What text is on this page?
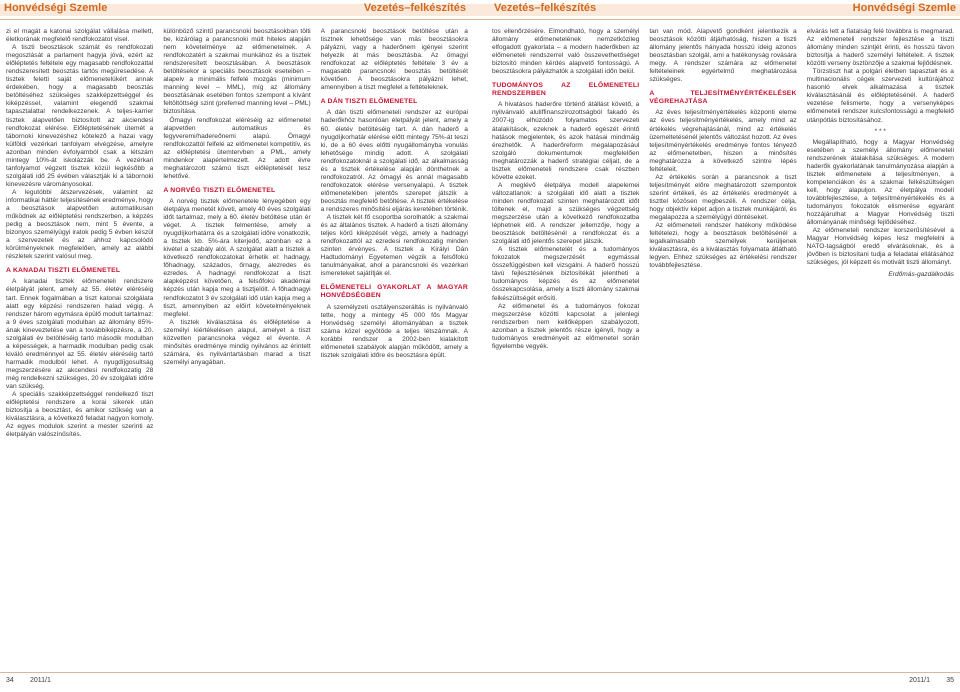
Honvédségi Szemle	Vezetés–felkészítés

zi el magát a katonai szolgálat vállalása mellett, életkorának megfelelő rendfokozatot visel.

A tiszti beosztások számát és rendfokozati megoszlását a parlament hagyja jóvá, ezért az előléptetés feltétele egy magasabb rendfokozattal rendszeresített beosztás tartós megüresedése. A tisztek feletti saját előmenetelükért annak érdekében, hogy a magasabb beosztás betöltéséhez szükséges szakképzettséggel és kiképzéssel, valamint elegendő szakmai tapasztalattal rendelkezzenek. A teljes-karrier tisztek alapvetően biztosított az akciendesi rendfokozat elérése. Előléptetésének ütemét a tábornoki kinevezéshez kötelező a hazai vagy külföldi vezérkari tanfolyam elvégzése, amelyre azonban minden évfolyamból csak a létszám mintegy 10%-át iskolázzák be. A vezérkari tanfolyamot végzett tisztek közül legkésőbb a szolgálati idő 25 évében választják ki a tábornoki kinevezésre várományosokat.

A legutóbbi átszervezések, valamint az informatikai háttér teljesítésének eredménye, hogy a beosztások alapvetően automatikusan működnek az előléptetési rendszerben, a képzés pedig a beosztások nem, mint 5 évente, a bizonyos személyügyi iratok pedig 5 évben készül a szervezetek és az ahhoz kapcsolódó körülményeknek megfelelően, amely az alábbi részletek szerint valósul meg.

A KANADAI TISZTI ELŐMENETEL

A kanadai tisztek előmeneteli rendszere életpályát jelent, amely az 55. életév eléréséig tart. Ennek fogalmában a tiszt katonai szolgálata alatt egy képzési rendszeren halad végig. A rendszer három egymásra épülő modult tartalmaz: a 9 éves szolgálati modulban az állomány 85%-ának kineveztetése van a továbbiképzésre, a 20. szolgálati év betöltéséig tartó második modulban a képességek, a harmadik modulban pedig csak kiváló eredménnyel az 55. életév eléréséig tartó harmadik modulból lehet. A nyugdíjgosultság megszerzésére az akcendesi rendfokozatig 28 még rendelkezni szükséges, 20 év szolgálati időre van szükség.

A speciális szakképzettséggel rendelkező tiszt előléptetési rendszere a korai sikerek után biztosítja a beosztást, és amikor szűkség van a kiválasztásra, a következő feladat nagyon komoly. Az egyes modulok szerint a mester szerinti az életpályán valószínűsítés.

különböző szintű parancsnoki beosztásokban tölti be, kizárólag a parancsnoki múlt hiteles alapján nem követelménye az előmenetelnek. A rendfokozatért a szakmai munkához és a tisztek rendszeresített beosztásában. A beosztások betöltésekor a speciális beosztások eseteiben – alapelv a minimális felfelé mozgás (minimum manning level – MML), míg az állomány beosztásának esetében fontos szempont a kívánt feltöltöttségi szint (preferred manning level – PML) biztosítása.

Ömagyi rendfokozat eléréséig az előmenetel alapvetően automatikus és fegyveremi/hadereőnemi alapú. Ömagyi rendfokozattól felfelé az előmenetel kompetitív, és az előléptetési ütemtervben a PML, amely mindenkor alapértelmezett. Az adott évre meghatározott számú tiszt előléptetését tesz lehetővé.

A NORVÉG TISZTI ELŐMENETEL

A norvég tisztek előmenetele lényegében egy életpálya menetét követi, amely 40 éves szolgálati időt tartalmaz, mely a 60. életév betöltése után ér véget. A tisztek felmentése, amely a nyugdíjkorhatárra és a szolgálati időre vonatkozik, a tisztek kb. 5%-ára kiterjedő, azonban ez a kivétel a szabály alól. A szolgálat alatt a tisztek a következő rendfokozatokat érhetik el: hadnagy, főhadnagy, százados, őrnagy, alezredes és ezredes. A hadnagyi rendfokozat a tiszt alapképzést követően, a felsőfokú akadémiai képzés után kapja meg a tisztjelölt. A főhadnagyi rendfokozatot 3 év szolgálati idő után kapja meg a tiszt, amennyiben az előírt követelményeknek megfelel.

A tisztek kiválasztása és előléptetése a személyi kiértékelésen alapul, amelyet a tiszt közvetlen parancsnoka végez el évente. A minősítés eredménye mindig nyilvános az érintett számára, és nyilvántartásban marad a tiszt személyi anyagában.

A parancsnoki beosztások betöltése után a tisztnek lehetősége van más beosztásokra pályázni, vagy a haderőnem igényei szerint helyezik át más beosztásba. Az ömagyi rendfokozat az előléptetés feltétele 3 év a magasabb parancsnoki beosztás betöltését követően. A beosztásokra pályázni lehet, amennyiben a tiszt megfelel a feltételeknek.

A DÁN TISZTI ELŐMENETEL

A dán tiszti előmeneteli rendszer az európai haderőkhöz hasonlóan életpályát jelent, amely a 60. életév betöltéséig tart. A dán haderő a nyugdíjkorhatár elérése előtt mintegy 75%-át teszi ki, de a 60 éves előtti nyugállományba vonulás lehetősége mindig adott. A szolgálati rendfokozatoknál a szolgálati idő, az alkalmasság és a tisztek értékelése alapján dönthetnek a rendfokozatról. Az ömagyi és annál magasabb rendfokozatok elérése versenyalapú. A tisztek előmenetelében jelentős szerepet játszik a beosztás megfelelő betöltése. A tisztek értékelése a rendszeres minősítési eljárás keretében történik.

A tisztek két fő csoportba sorolhatók: a szakmai és az általános tisztek. A haderő a tiszti állomány teljes körű kiképzését végzi, amely a hadnagyi rendfokozattól az ezredesi rendfokozatig minden szinten érvényes. A tisztek a Királyi Dán Hadtudományi Egyetemen végzik a felsőfokú tanulmányaikat, ahol a parancsnoki és vezérkari ismereteket sajátítják el.

ELŐMENETELI GYAKORLAT A MAGYAR HONVÉDSÉGBEN

A személyzeti osztályenszeráltás is nyilvánvaló tette, hogy a mintegy 45 000 fős Magyar Honvédség személyi állományában a tisztek száma közel egyötöde a teljes létszámnak. A korábbi rendszer a 2002-ben kialakított előmeneteli szabályok alapján működött, amely a tisztek szolgálati időre és beosztásra épült.

34 2011/1
Vezetés–felkészítés	Honvédségi Szemle

tos ellenőrzésére. Elmondható, hogy a személyi állomány előmenetelének nemzetközileg elfogadott gyakorlata – a modern haderőkben az előmeneteli rendszerrel való összevethetőséget biztosító minden kérdés alapvető fontosságú. A beosztásokra pályázhatók a szolgálati időn belül.

TUDOMÁNYOS AZ ELŐMENETELI RENDSZERBEN

A hivatásos haderőre történő átállást követő, a nyilvánvaló aluliffinanszírozottságból fakadó és 2007-ig elhúzódó folyamatos szervezeti átalakítások, ezeknek a haderő egészét érintő hatások megjelentek, és azok hatásai mindmáig érezhetők. A haderőreform megalapozásául szolgáló dokumentumok megfelelően meghatározzák a haderő stratégiai céljait, de a tisztek előmeneteli rendszere csak részben követte ezeket.

A meglévő életpálya modell alapelemei változatlanok: a szolgálati idő alatt a tisztek minden rendfokozati szinten meghatározott időt töltenek el, majd a szükséges végzettség megszerzése után a következő rendfokozatba léphetnek elő. A rendszer jellemzője, hogy a beosztások betöltésénél a rendfokozat és a szolgálati idő jelentős szerepet játszik.

A tisztek előmenetelét és a tudományos fokozatok megszerzését egymással összefüggésben kell vizsgálni. A haderő hosszú távú fejlesztésének biztosítékát jelentheti a tudományos képzés és az előmenetel összekapcsolása, amely a tiszti állomány szakmai felkészültségét erősíti.

Az előmenetel és a tudományos fokozat megszerzése közötti kapcsolat a jelenlegi rendszerben nem kellőképpen szabályozott, azonban a tisztek jelentős része igényli, hogy a tudományos eredményeit az előmenetel során figyelembe vegyék.

tan van mód. Alapvető gondként jelentkezik a beosztások közötti átjárhatóság, hiszen a tiszti állomány jelentős hányada hosszú ideig azonos beosztásban szolgál, ami a hatékonyság rovására megy. A rendszer számára az előmenetel feltételeinek egyértelmű meghatározása szükséges.

A TELJESÍTMÉNYÉRTÉKELÉSEK VÉGREHAJTÁSA

Az éves teljesítményértékelés központi eleme az éves teljesítményértékelés, amely mind az értékelés végrehajtásánál, mind az értékelés üzemeltetésénél jelentős változást hozott. Az éves teljesítményértékelés eredménye fontos tényező az előmenetelben, hiszen a minősítés meghatározza a következő szintre lépés feltételeit.

Az értékelés során a parancsnok a tiszt teljesítményét előre meghatározott szempontok szerint értékeli, és az értékelés eredményét a tiszttel közösen megbeszéli. A rendszer célja, hogy objektív képet adjon a tisztek munkájáról, és megalapozza a személyügyi döntéseket.

Az előmeneteli rendszer hatékony működése feltételezi, hogy a beosztások betöltésénél a legalkalmasabb személyek kerüljenek kiválasztásra, és a kiválasztás folyamata átlátható legyen. Ehhez szükséges az értékelési rendszer továbbfejlesztése.

elvárás lett a fiatalság felé továbbra is megmarad. Az előmeneteli rendszer fejlesztése a tiszti állomány minden szintjét érinti, és hosszú távon biztosítja a haderő személyi feltételeit. A tisztek közötti verseny ösztönzője a szakmai fejlődésnek.

Törzstiszt hat a polgári életben tapasztalt és a multinacionális cégek szervezeti kultúrájához hasonló elvek alkalmazása a tisztek kiválasztásánál és előléptetésénél. A haderő vezetése felismerte, hogy a versenyképes előmeneteli rendszer kulcsfontosságú a megfelelő utánpótlás biztosításához.

* * *

Megállapítható, hogy a Magyar Honvédség esetében a személyi állomány előmeneteli rendszerének átalakítása szükséges. A modern haderők gyakorlatának tanulmányozása alapján a tisztek előmenetele a teljesítményen, a kompetenciákon és a szakmai felkészültségen kell, hogy alapuljon. Az életpálya modell továbbfejlesztése, a teljesítményértékelés és a tudományos fokozatok elismerése egyaránt hozzájárulhat a Magyar Honvédség tiszti állományának minőségi fejlődéséhez.

Az előmeneteli rendszer korszerűsítésével a Magyar Honvédség képes lesz megfelelni a NATO-tagságból eredő elvárásoknak, és a jövőben is biztosítani tudja a feladatai ellátásához szükséges, jól képzett és motivált tiszti állományt.

Erdőmás-gazdálkodás
2011/1 35
